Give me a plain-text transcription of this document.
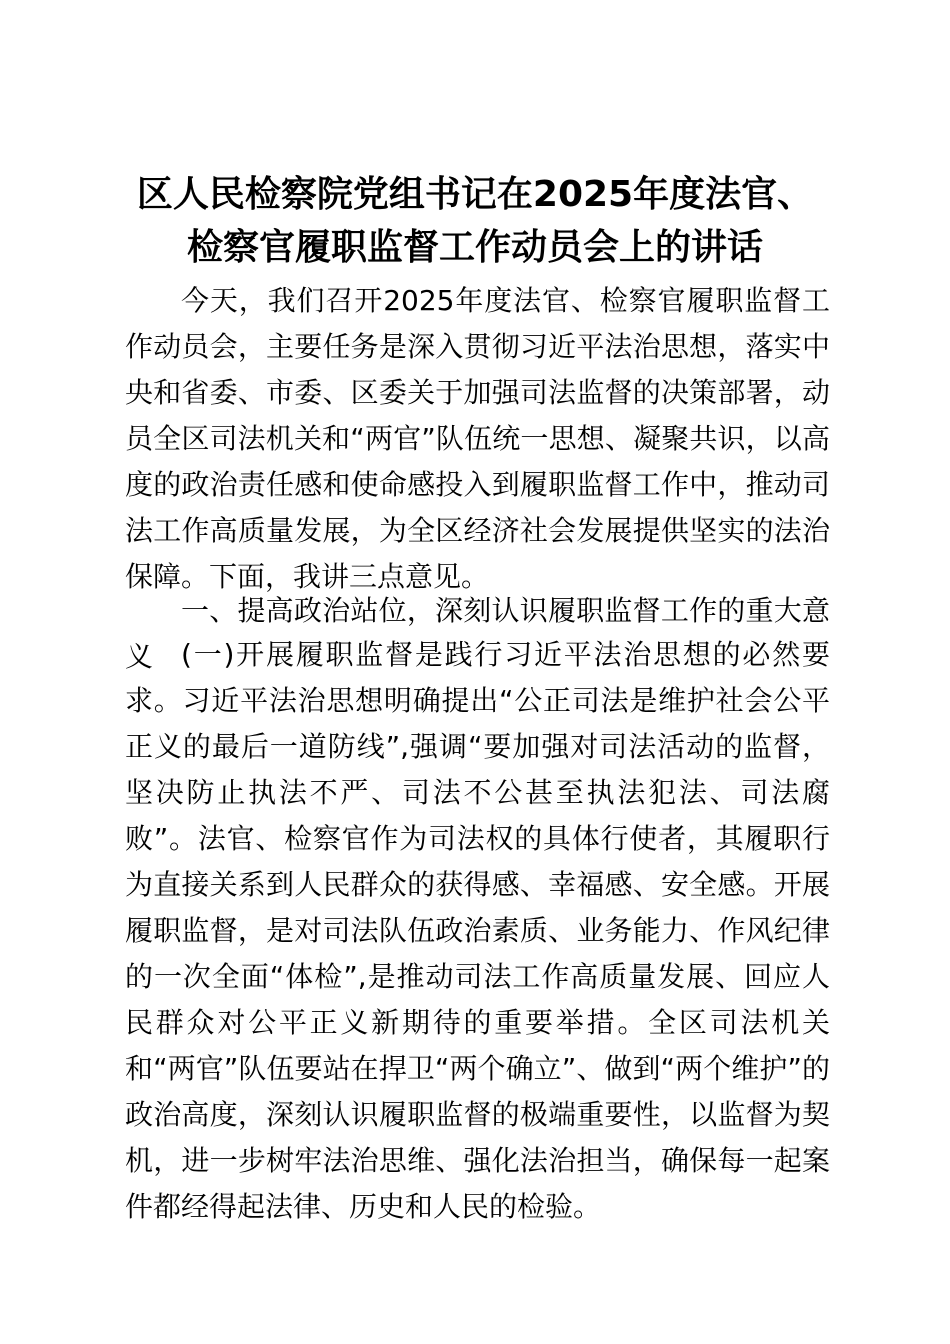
区人民检察院党组书记在2025年度法官、检察官履职监督工作动员会上的讲话

今天，我们召开2025年度法官、检察官履职监督工作动员会，主要任务是深入贯彻习近平法治思想，落实中央和省委、市委、区委关于加强司法监督的决策部署，动员全区司法机关和“两官”队伍统一思想、凝聚共识，以高度的政治责任感和使命感投入到履职监督工作中，推动司法工作高质量发展，为全区经济社会发展提供坚实的法治保障。下面，我讲三点意见。

一、提高政治站位，深刻认识履职监督工作的重大意义 (一)开展履职监督是践行习近平法治思想的必然要求。习近平法治思想明确提出“公正司法是维护社会公平正义的最后一道防线”,强调“要加强对司法活动的监督，坚决防止执法不严、司法不公甚至执法犯法、司法腐败”。法官、检察官作为司法权的具体行使者，其履职行为直接关系到人民群众的获得感、幸福感、安全感。开展履职监督，是对司法队伍政治素质、业务能力、作风纪律的一次全面“体检”,是推动司法工作高质量发展、回应人民群众对公平正义新期待的重要举措。全区司法机关和“两官”队伍要站在捍卫“两个确立”、做到“两个维护”的政治高度，深刻认识履职监督的极端重要性，以监督为契机，进一步树牢法治思维、强化法治担当，确保每一起案件都经得起法律、历史和人民的检验。
